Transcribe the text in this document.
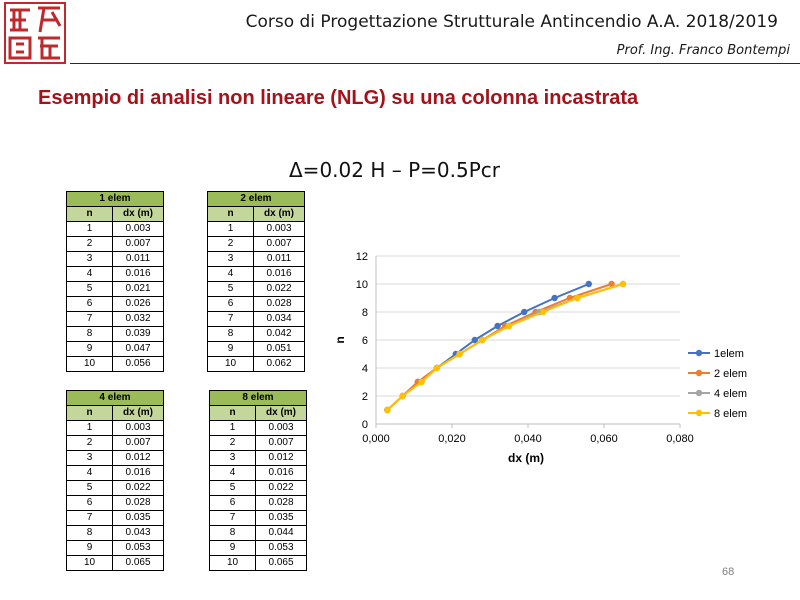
Corso di Progettazione Strutturale Antincendio A.A. 2018/2019
Prof. Ing. Franco Bontempi
Esempio di analisi non lineare (NLG) su una colonna incastrata
Δ=0.02 H – P=0.5Pcr
1 elem	
n	dx (m)
1	0.003
2	0.007
3	0.011
4	0.016
5	0.021
6	0.026
7	0.032
8	0.039
9	0.047
10	0.056
2 elem	
n	dx (m)
1	0.003
2	0.007
3	0.011
4	0.016
5	0.022
6	0.028
7	0.034
8	0.042
9	0.051
10	0.062
4 elem	
n	dx (m)
1	0.003
2	0.007
3	0.012
4	0.016
5	0.022
6	0.028
7	0.035
8	0.043
9	0.053
10	0.065
8 elem	
n	dx (m)
1	0.003
2	0.007
3	0.012
4	0.016
5	0.022
6	0.028
7	0.035
8	0.044
9	0.053
10	0.065
0
2
4
6
8
10
12
0,000	0,020	0,040	0,060	0,080
dx (m)
n
1elem
2 elem
4 elem
8 elem
68
